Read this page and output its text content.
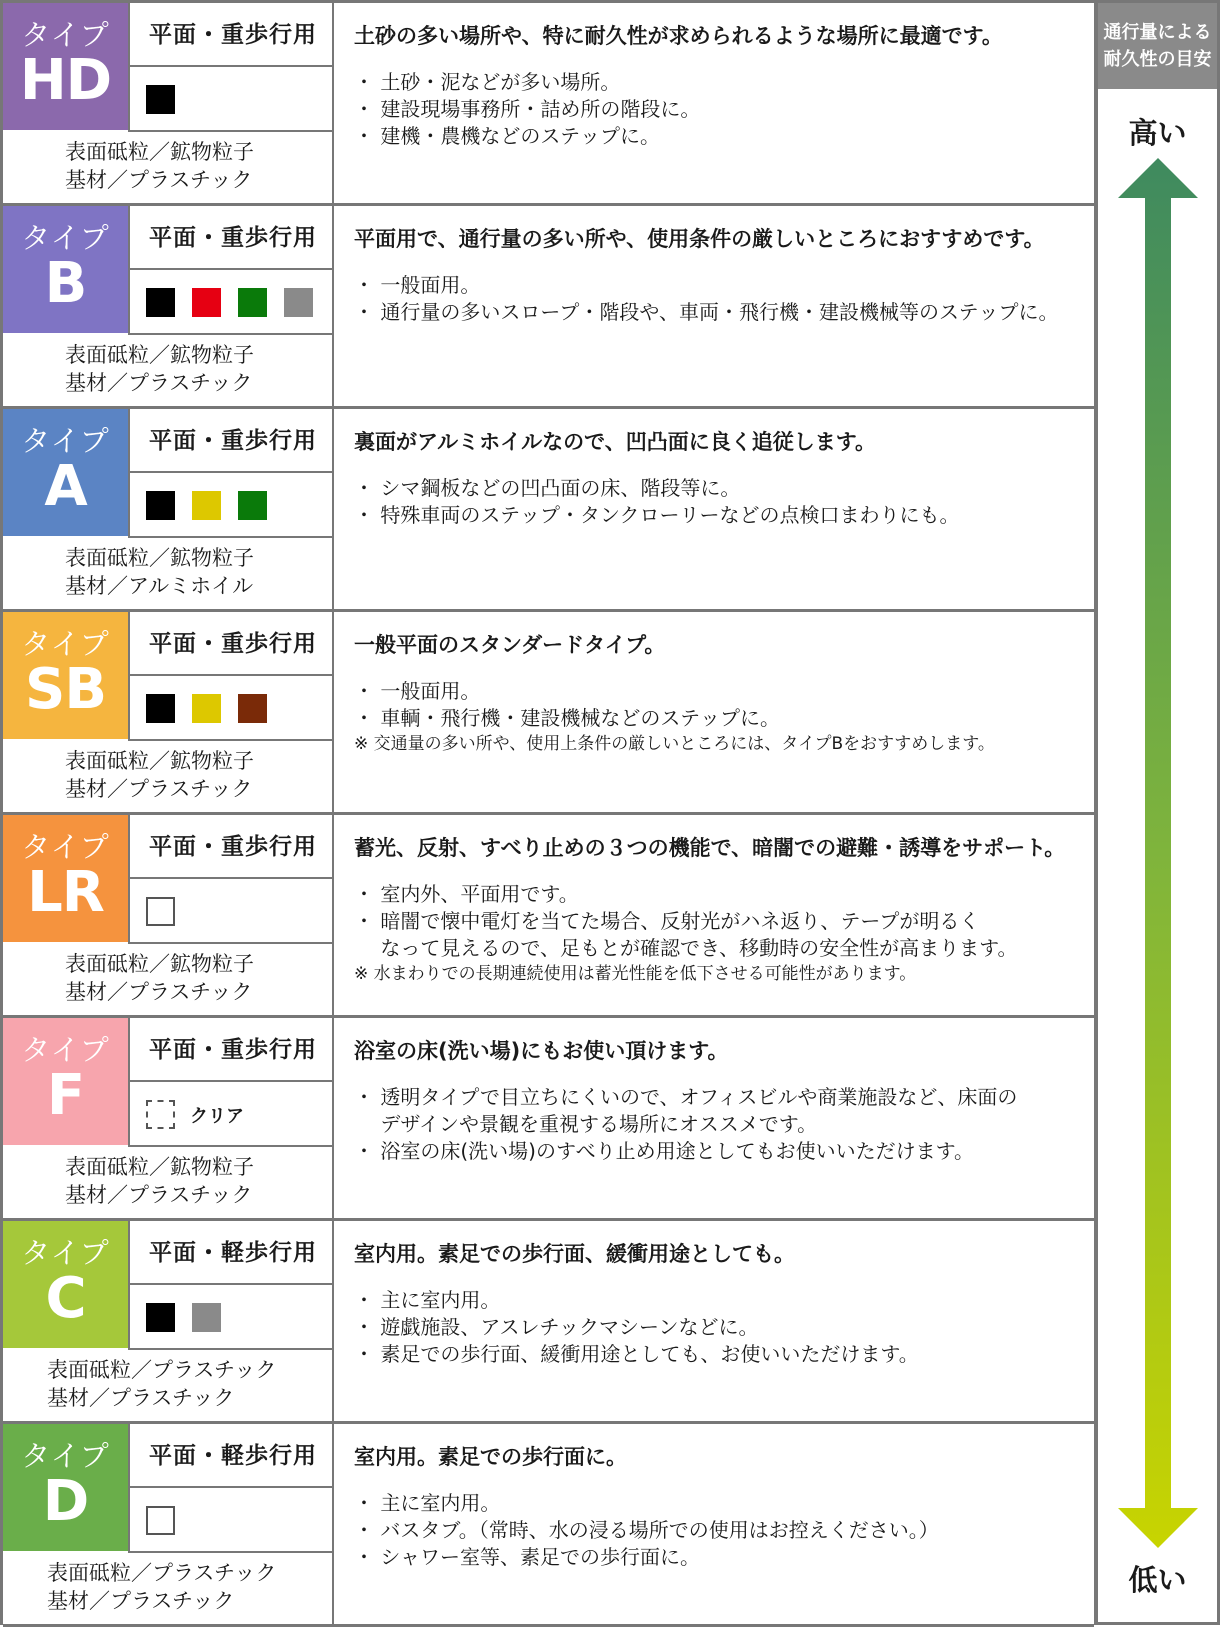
タイプ
HD
平面・重歩行用
表面砥粒／鉱物粒子
基材／プラスチック
土砂の多い場所や、特に耐久性が求められるような場所に最適です。
・ 土砂・泥などが多い場所。
・ 建設現場事務所・詰め所の階段に。
・ 建機・農機などのステップに。
タイプ
B
平面・重歩行用
表面砥粒／鉱物粒子
基材／プラスチック
平面用で、通行量の多い所や、使用条件の厳しいところにおすすめです。
・ 一般面用。
・ 通行量の多いスロープ・階段や、車両・飛行機・建設機械等のステップに。
タイプ
A
平面・重歩行用
表面砥粒／鉱物粒子
基材／アルミホイル
裏面がアルミホイルなので、凹凸面に良く追従します。
・ シマ鋼板などの凹凸面の床、階段等に。
・ 特殊車両のステップ・タンクローリーなどの点検口まわりにも。
タイプ
SB
平面・重歩行用
表面砥粒／鉱物粒子
基材／プラスチック
一般平面のスタンダードタイプ。
・ 一般面用。
・ 車輌・飛行機・建設機械などのステップに。
※ 交通量の多い所や、使用上条件の厳しいところには、タイプBをおすすめします。
タイプ
LR
平面・重歩行用
表面砥粒／鉱物粒子
基材／プラスチック
蓄光、反射、すべり止めの３つの機能で、暗闇での避難・誘導をサポート。
・ 室内外、平面用です。
・ 暗闇で懐中電灯を当てた場合、反射光がハネ返り、テープが明るく
　 なって見えるので、足もとが確認でき、移動時の安全性が高まります。
※ 水まわりでの長期連続使用は蓄光性能を低下させる可能性があります。
タイプ
F
平面・重歩行用
クリア
表面砥粒／鉱物粒子
基材／プラスチック
浴室の床(洗い場)にもお使い頂けます。
・ 透明タイプで目立ちにくいので、オフィスビルや商業施設など、床面の
　 デザインや景観を重視する場所にオススメです。
・ 浴室の床(洗い場)のすべり止め用途としてもお使いいただけます。
タイプ
C
平面・軽歩行用
表面砥粒／プラスチック
基材／プラスチック
室内用。素足での歩行面、緩衝用途としても。
・ 主に室内用。
・ 遊戯施設、アスレチックマシーンなどに。
・ 素足での歩行面、緩衝用途としても、お使いいただけます。
タイプ
D
平面・軽歩行用
表面砥粒／プラスチック
基材／プラスチック
室内用。素足での歩行面に。
・ 主に室内用。
・ バスタブ。（常時、水の浸る場所での使用はお控えください。）
・ シャワー室等、素足での歩行面に。
通行量による
耐久性の目安
高い
低い
